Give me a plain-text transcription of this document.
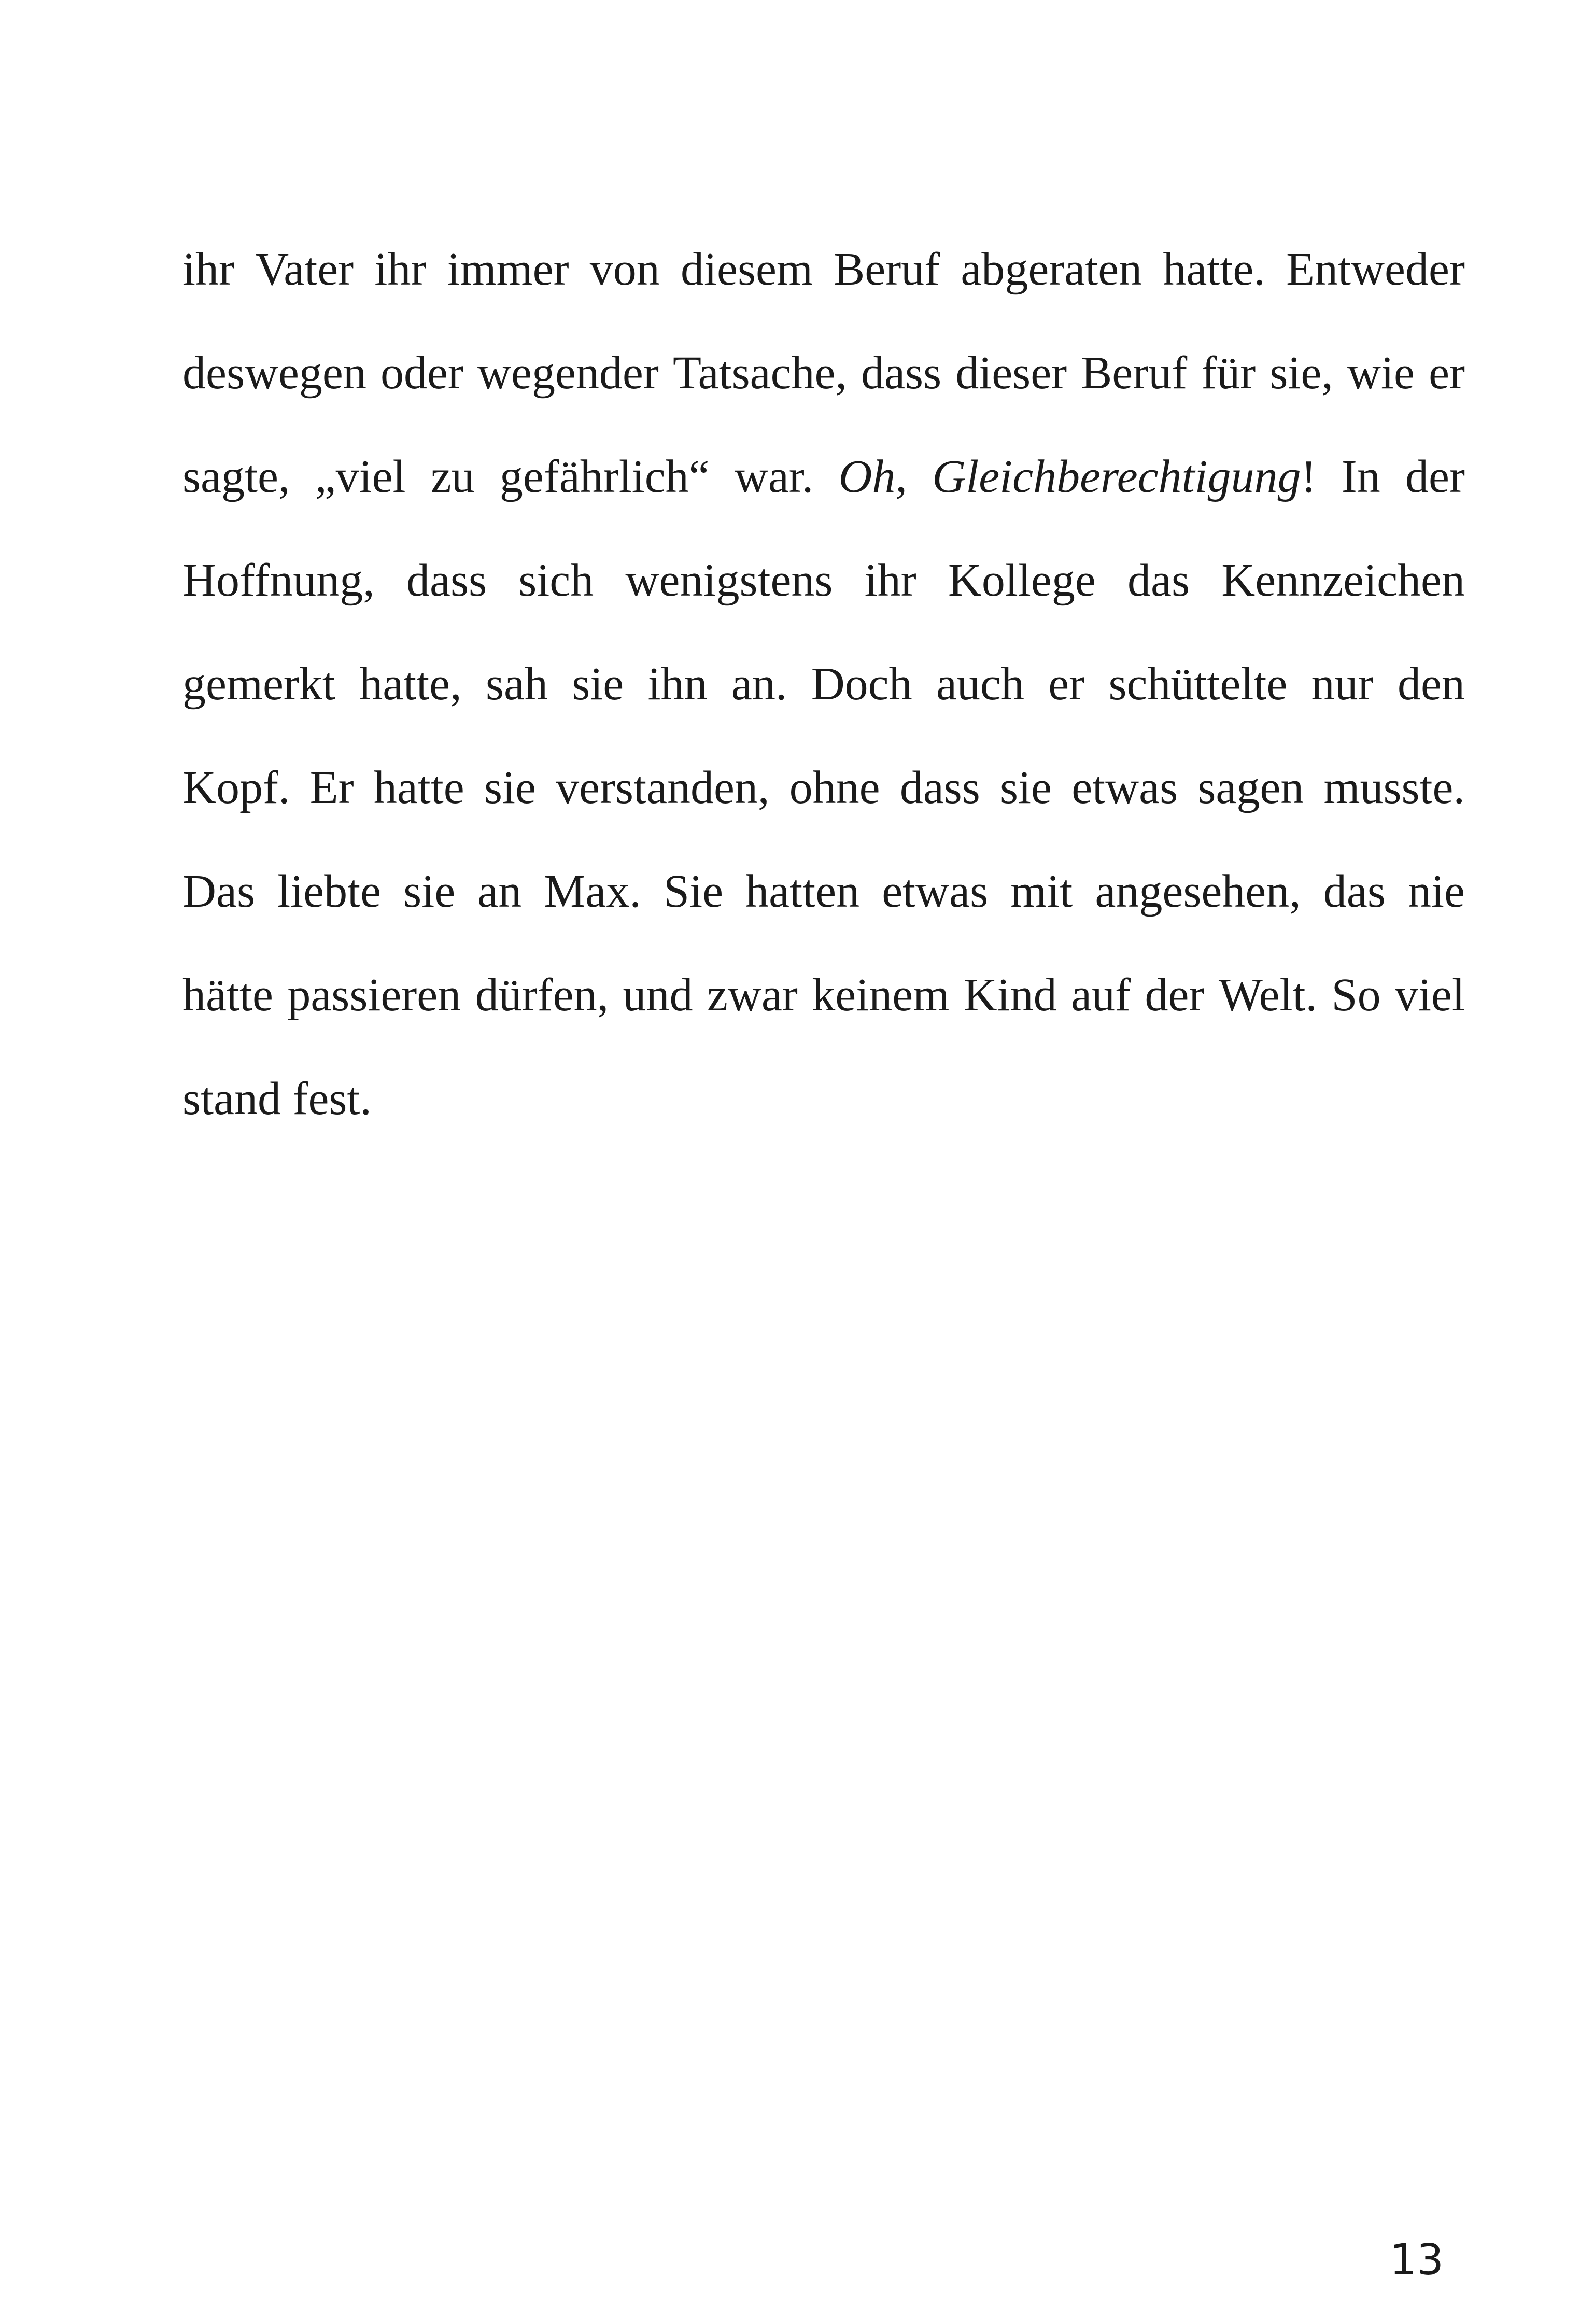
ihr Vater ihr immer von diesem Beruf abgeraten hatte. Entweder
deswegen oder wegender Tatsache, dass dieser Beruf für sie, wie er
sagte, „viel zu gefährlich“ war. Oh, Gleichberechtigung! In der
Hoffnung, dass sich wenigstens ihr Kollege das Kennzeichen
gemerkt hatte, sah sie ihn an. Doch auch er schüttelte nur den
Kopf. Er hatte sie verstanden, ohne dass sie etwas sagen musste.
Das liebte sie an Max. Sie hatten etwas mit angesehen, das nie
hätte passieren dürfen, und zwar keinem Kind auf der Welt. So viel
stand
fest.
13
